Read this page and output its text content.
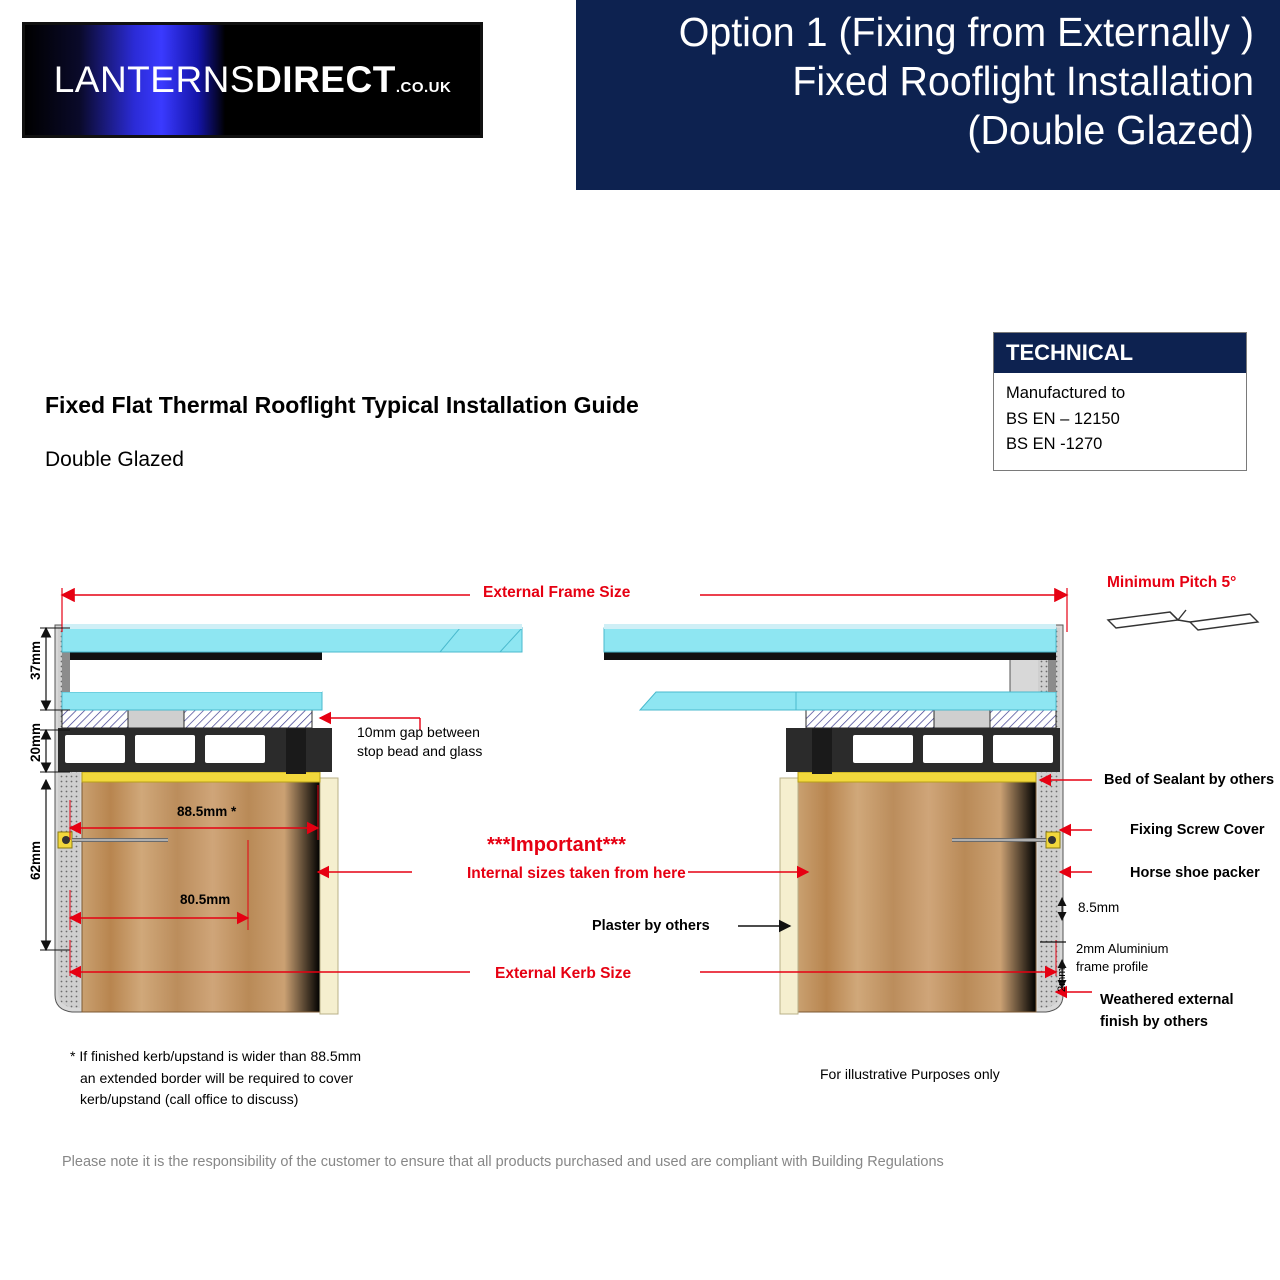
LANTERNSDIRECT.CO.UK
Option 1 (Fixing from Externally )
Fixed Rooflight Installation
(Double Glazed)
Fixed Flat Thermal Rooflight Typical Installation Guide
Double Glazed
TECHNICAL
Manufactured to
BS EN – 12150
BS EN -1270
External Frame Size
Minimum Pitch 5°
37mm
20mm
62mm
88.5mm *
80.5mm
8.5mm
2mm
10mm gap between
stop bead and glass
***Important***
Internal sizes taken from here
Plaster by others
External Kerb Size
Bed of Sealant by others
Fixing Screw Cover
Horse shoe packer
2mm Aluminium
frame profile
Weathered external
finish by others
* If finished kerb/upstand is wider than 88.5mm
an extended border will be required to cover
kerb/upstand (call office to discuss)
For illustrative Purposes only
Please note it is the responsibility of the customer to ensure that all products purchased and used are compliant with Building Regulations
